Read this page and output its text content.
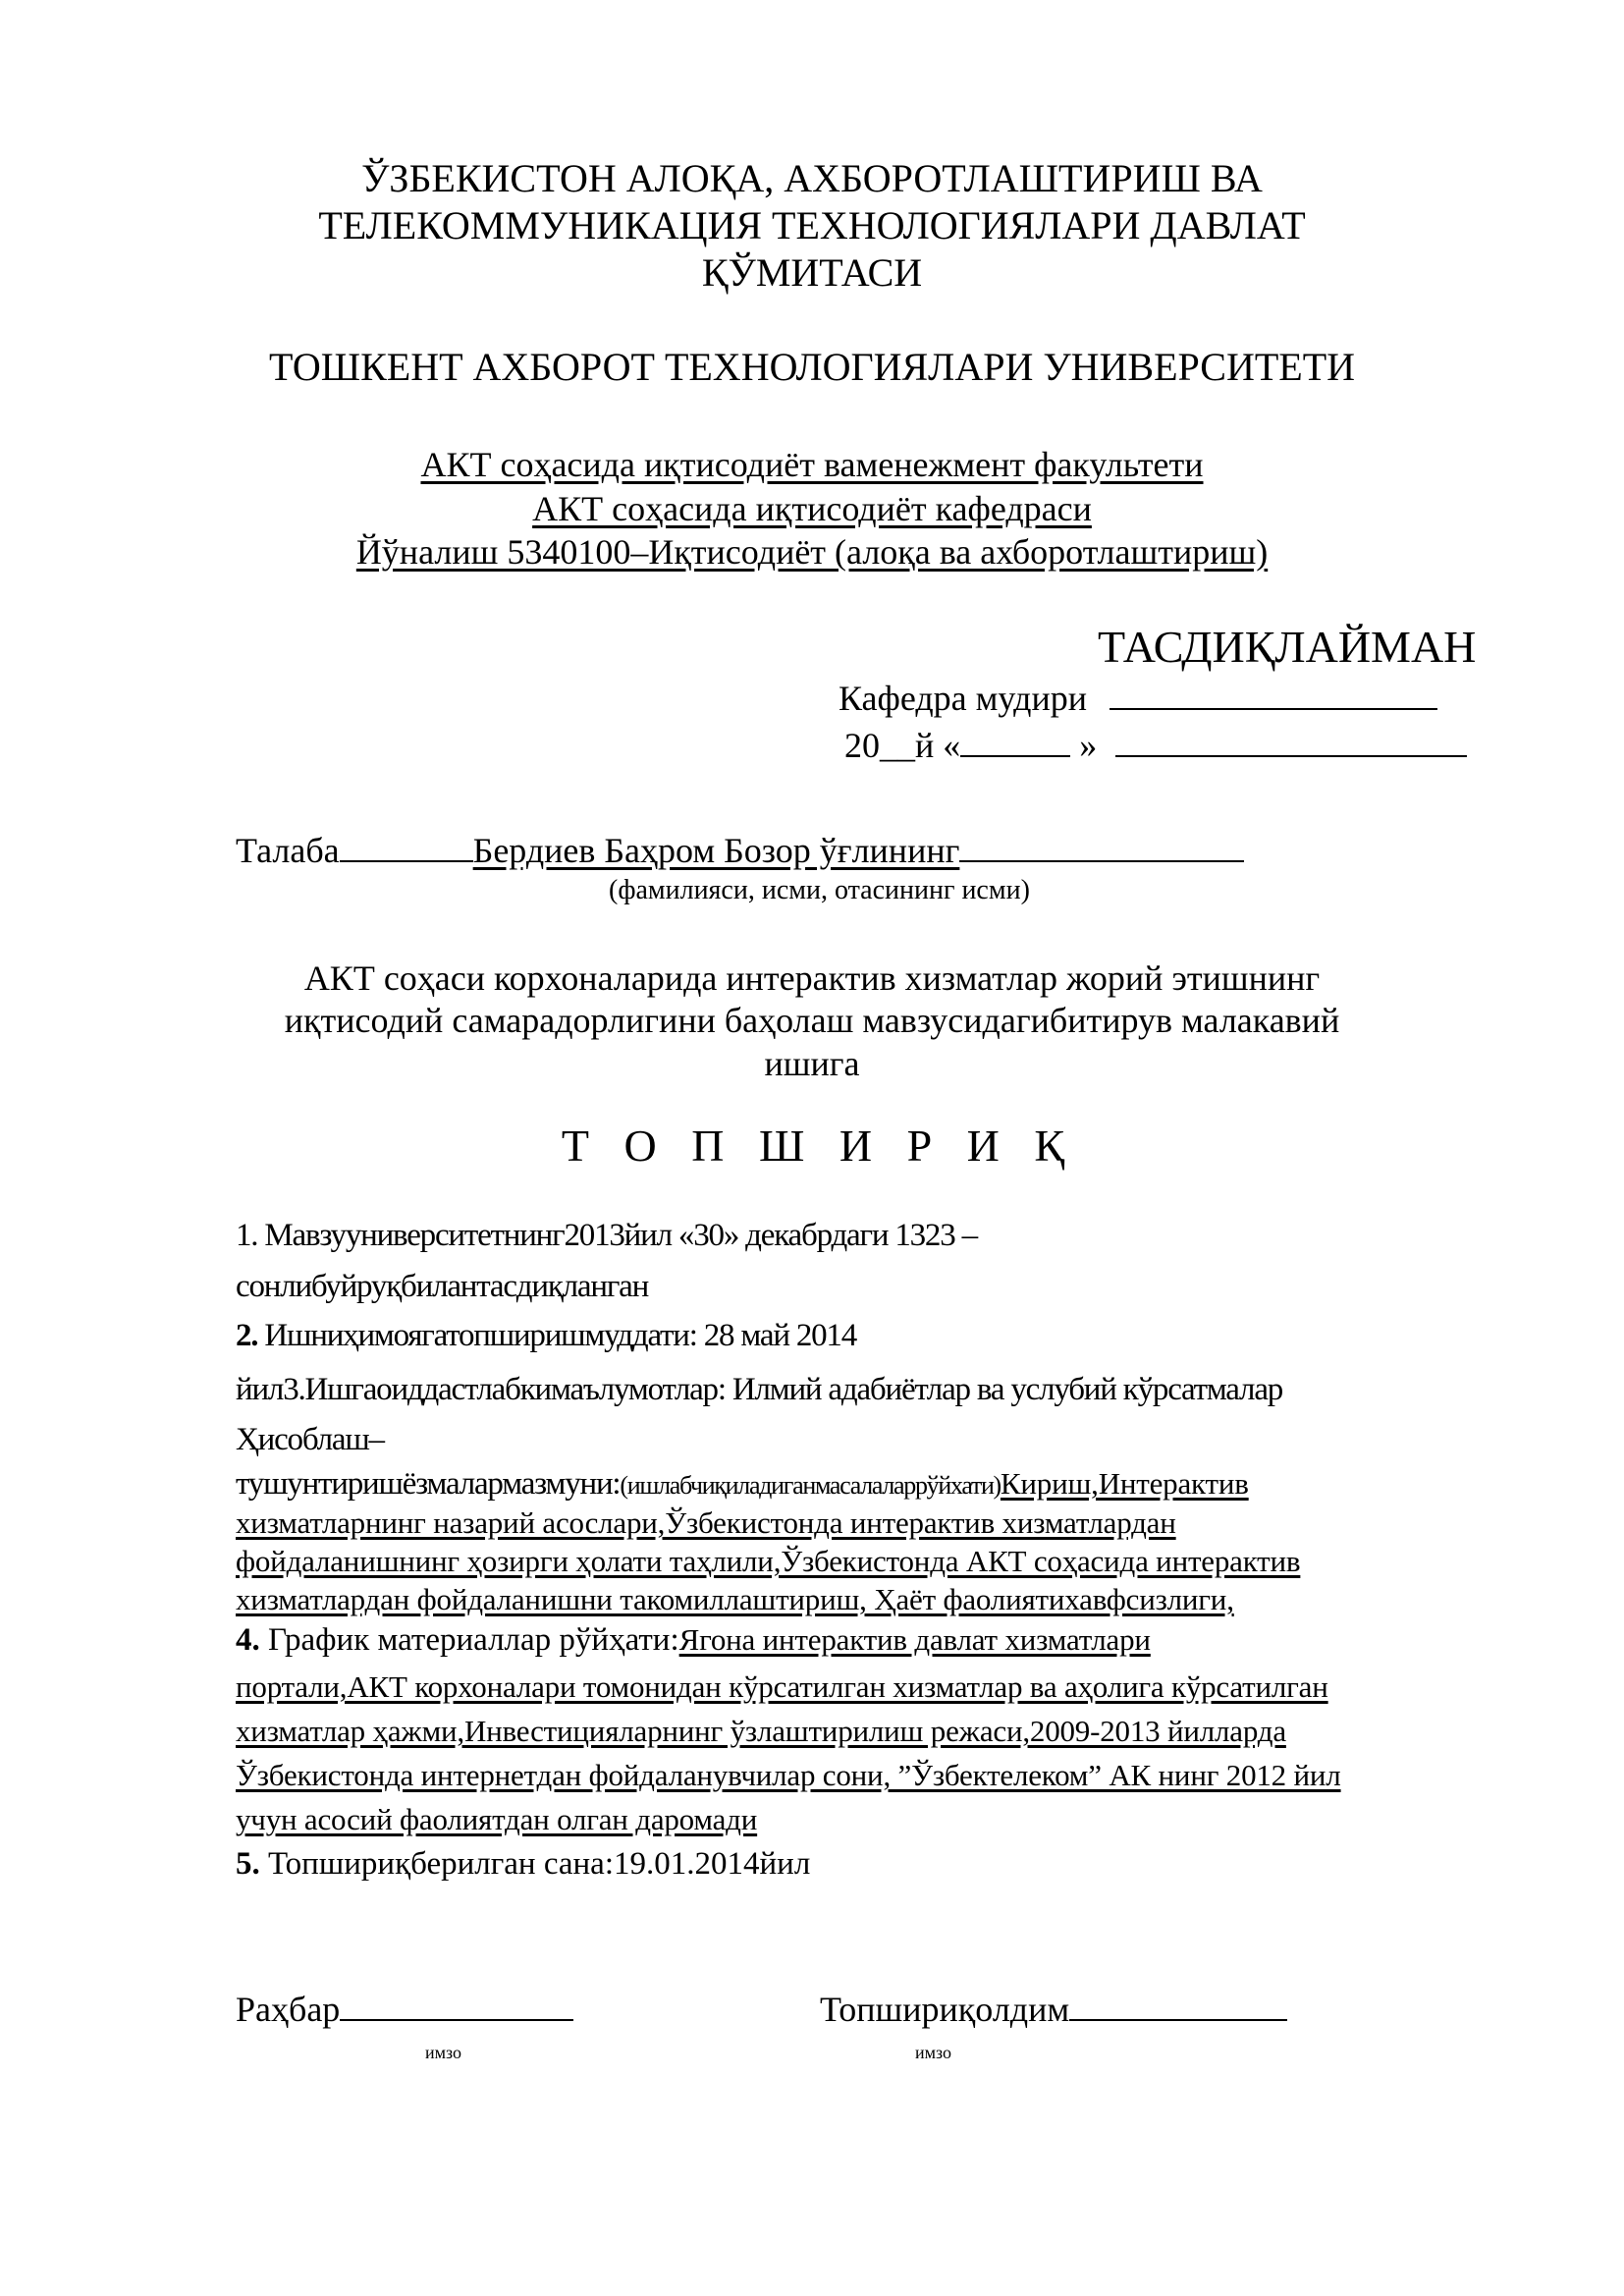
ЎЗБЕКИСТОН АЛОҚА, АХБОРОТЛАШТИРИШ ВА
ТЕЛЕКОММУНИКАЦИЯ ТЕХНОЛОГИЯЛАРИ ДАВЛАТ
ҚЎМИТАСИ
ТОШКЕНТ АХБОРОТ ТЕХНОЛОГИЯЛАРИ УНИВЕРСИТЕТИ
АКТ соҳасида иқтисодиёт ваменежмент факультети
АКТ соҳасида иқтисодиёт кафедраси
Йўналиш 5340100–Иқтисодиёт (алоқа ва ахборотлаштириш)
ТАСДИҚЛАЙМАН
Кафедра мудири
20__й «	»
Талаба	Бердиев Баҳром Бозор ўғлининг
(фамилияси, исми, отасининг исми)
АКТ соҳаси корхоналарида интерактив хизматлар жорий этишнинг
иқтисодий самарадорлигини баҳолаш мавзусидагибитирув малакавий
ишига
Т О П Ш И Р И Қ
1. Мавзууниверситетнинг2013йил «30» декабрдаги 1323 –
сонлибуйруқбилантасдиқланган
2. Ишниҳимоягатопширишмуддати: 28 май 2014
йил3.Ишгаоиддастлабкимаълумотлар: Илмий адабиётлар ва услубий кўрсатмалар
Ҳисоблаш–
тушунтиришёзмалармазмуни:(ишлабчиқиладиганмасалаларрўйхати)Кириш,Интерактив
хизматларнинг назарий асослари,Ўзбекистонда интерактив хизматлардан
фойдаланишнинг ҳозирги ҳолати таҳлили,Ўзбекистонда АКТ соҳасида интерактив
хизматлардан фойдаланишни такомиллаштириш, Ҳаёт фаолиятихавфсизлиги,
4. График материаллар рўйҳати:Ягона интерактив давлат хизматлари
портали,АКТ корхоналари томонидан кўрсатилган хизматлар ва аҳолига кўрсатилган
хизматлар ҳажми,Инвестицияларнинг ўзлаштирилиш режаси,2009-2013 йилларда
Ўзбекистонда интернетдан фойдаланувчилар сони, ”Ўзбектелеком” АК нинг 2012 йил
учун асосий фаолиятдан олган даромади
5. Топшириқберилган сана:19.01.2014йил
Раҳбар
имзо
Топшириқолдим
имзо
